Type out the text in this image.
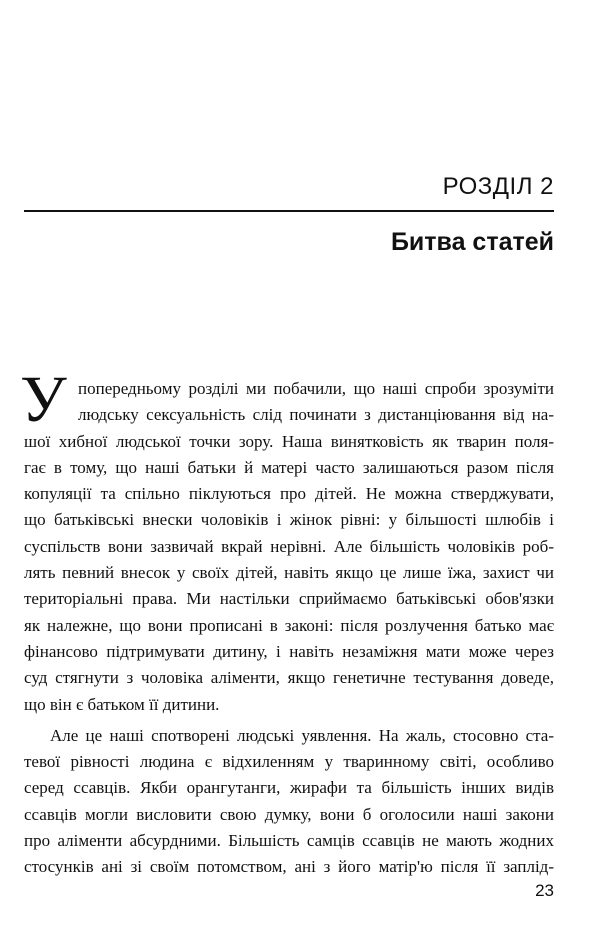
РОЗДІЛ 2
Битва статей
У попередньому розділі ми побачили, що наші спроби зрозуміти
людську сексуальність слід починати з дистанціювання від на-
шої хибної людської точки зору. Наша винятковість як тварин поля-
гає в тому, що наші батьки й матері часто залишаються разом після
копуляції та спільно піклуються про дітей. Не можна стверджувати,
що батьківські внески чоловіків і жінок рівні: у більшості шлюбів і
суспільств вони зазвичай вкрай нерівні. Але більшість чоловіків роб-
лять певний внесок у своїх дітей, навіть якщо це лише їжа, захист чи
територіальні права. Ми настільки сприймаємо батьківські обов'язки
як належне, що вони прописані в законі: після розлучення батько має
фінансово підтримувати дитину, і навіть незаміжня мати може через
суд стягнути з чоловіка аліменти, якщо генетичне тестування доведе,
що він є батьком її дитини.
Але це наші спотворені людські уявлення. На жаль, стосовно ста-
тевої рівності людина є відхиленням у тваринному світі, особливо
серед ссавців. Якби орангутанги, жирафи та більшість інших видів
ссавців могли висловити свою думку, вони б оголосили наші закони
про аліменти абсурдними. Більшість самців ссавців не мають жодних
стосунків ані зі своїм потомством, ані з його матір'ю після її заплід-
23
